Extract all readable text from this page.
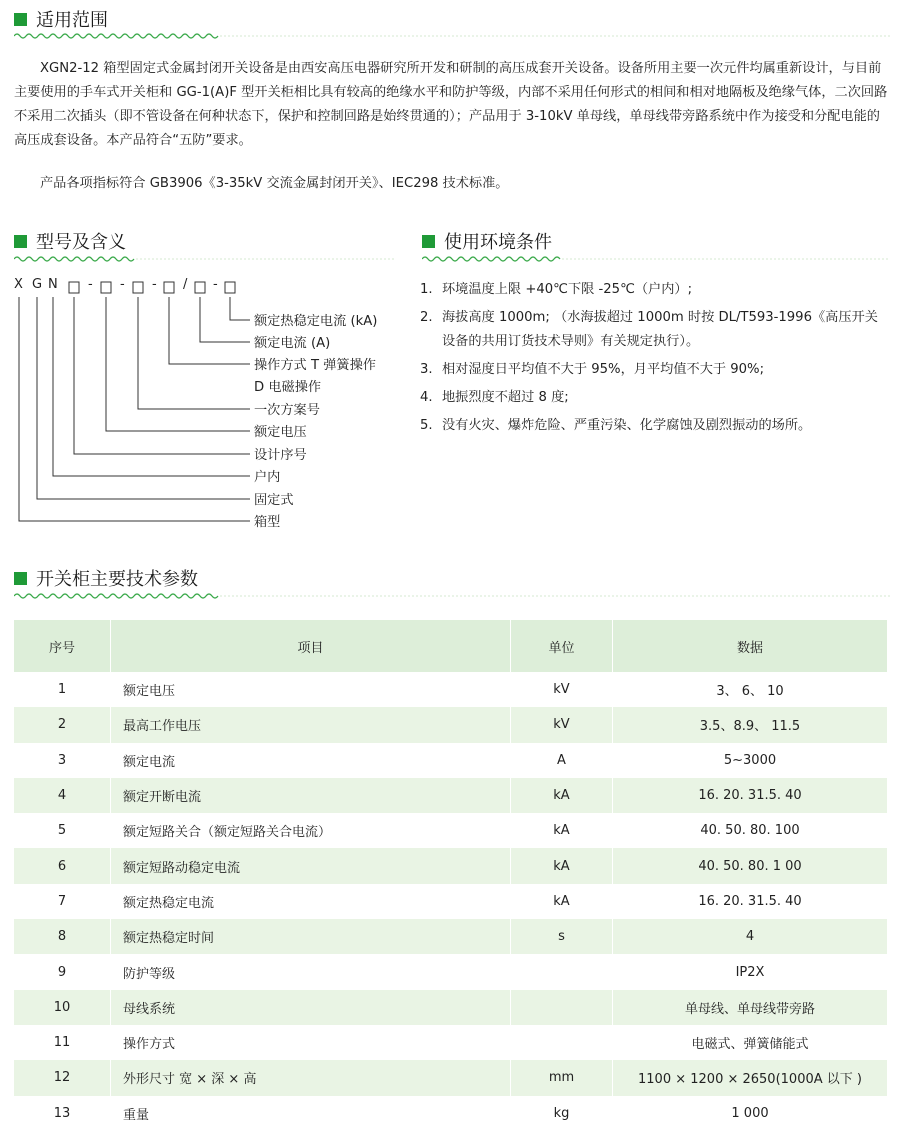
适用范围

XGN2-12 箱型固定式金属封闭开关设备是由西安高压电器研究所开发和研制的高压成套开关设备。设备所用主要一次元件均属重新设计，与目前主要使用的手车式开关柜和 GG-1(A)F 型开关柜相比具有较高的绝缘水平和防护等级，内部不采用任何形式的相间和相对地隔板及绝缘气体，二次回路不采用二次插头（即不管设备在何种状态下，保护和控制回路是始终贯通的）；产品用于 3-10kV 单母线，单母线带旁路系统中作为接受和分配电能的高压成套设备。本产品符合“五防”要求。

产品各项指标符合 GB3906《3-35kV 交流金属封闭开关》、IEC298 技术标准。

型号及含义
X G N - - - / -
额定热稳定电流 (kA)
额定电流 (A)
操作方式 T 弹簧操作
D 电磁操作
一次方案号
额定电压
设计序号
户内
固定式
箱型
使用环境条件
1. 环境温度上限 +40℃下限 -25℃（户内）;
2. 海拔高度 1000m; （水海拔超过 1000m 时按 DL/T593-1996《高压开关设备的共用订货技术导则》有关规定执行）。
3. 相对湿度日平均值不大于 95%，月平均值不大于 90%;
4. 地振烈度不超过 8 度;
5. 没有火灾、爆炸危险、严重污染、化学腐蚀及剧烈振动的场所。
开关柜主要技术参数
序号	项目	单位	数据
1	额定电压	kV	3、 6、 10
2	最高工作电压	kV	3.5、8.9、 11.5
3	额定电流	A	5~3000
4	额定开断电流	kA	16. 20. 31.5. 40
5	额定短路关合（额定短路关合电流）	kA	40. 50. 80. 100
6	额定短路动稳定电流	kA	40. 50. 80. 1 00
7	额定热稳定电流	kA	16. 20. 31.5. 40
8	额定热稳定时间	s	4
9	防护等级		IP2X
10	母线系统		单母线、单母线带旁路
11	操作方式		电磁式、弹簧储能式
12	外形尺寸 宽 × 深 × 高	mm	1100 × 1200 × 2650(1000A 以下 )
13	重量	kg	1 000
